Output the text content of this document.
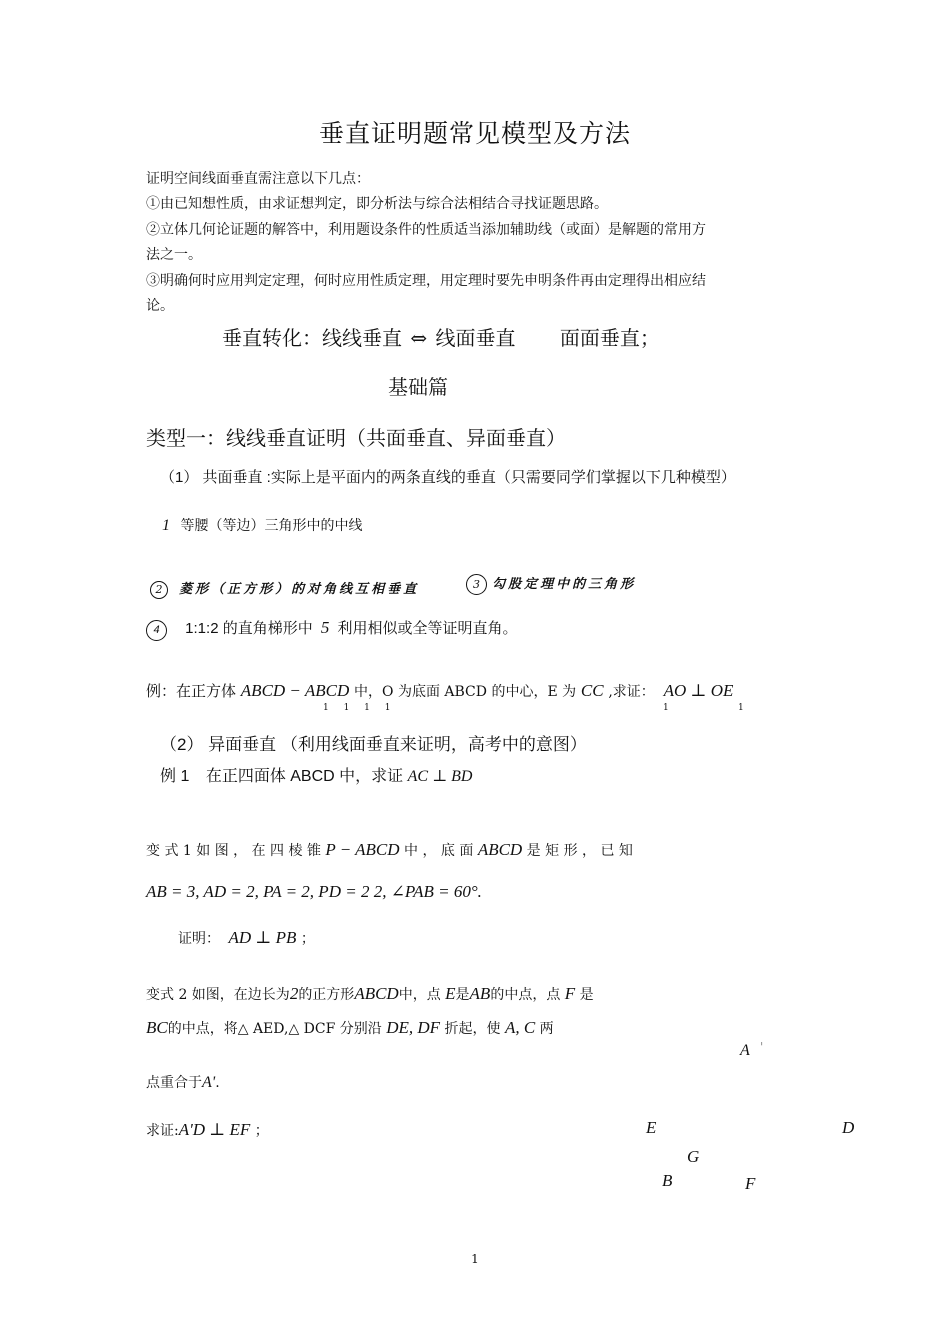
垂直证明题常见模型及方法
证明空间线面垂直需注意以下几点：
①由已知想性质，由求证想判定，即分析法与综合法相结合寻找证题思路。
②立体几何论证题的解答中，利用题设条件的性质适当添加辅助线（或面）是解题的常用方
法之一。
③明确何时应用判定定理，何时应用性质定理，用定理时要先申明条件再由定理得出相应结
论。
垂直转化：线线垂直 ⇔ 线面垂直 面面垂直；
基础篇
类型一：线线垂直证明（共面垂直、异面垂直）
（1） 共面垂直 :实际上是平面内的两条直线的垂直（只需要同学们掌握以下几种模型）
1 等腰（等边）三角形中的中线
2 菱形（正方形）的对角线互相垂直	3 勾股定理中的三角形
4 1:1:2 的直角梯形中 5 利用相似或全等证明直角。
例：在正方体 ABCD − ABCD 中，O 为底面 ABCD 的中心，E 为 CC ,求证： AO ⊥ OE
1 1 1 1	1	1
（2） 异面垂直 （利用线面垂直来证明，高考中的意图）
例 1 在正四面体 ABCD 中，求证 AC ⊥ BD
变 式 1 如 图 ， 在 四 棱 锥 P − ABCD 中 ， 底 面 ABCD 是 矩 形 ， 已 知
AB = 3, AD = 2, PA = 2, PD = 2 2, ∠PAB = 60°.
证明： AD ⊥ PB ；
变式 2 如图，在边长为2的正方形ABCD中，点 E是AB的中点，点 F 是
BC的中点，将△ AED,△ DCF 分别沿 DE, DF 折起，使 A, C 两
点重合于A'.
求证:A'D ⊥ EF ；
A '
E	D
G
B	F
1
